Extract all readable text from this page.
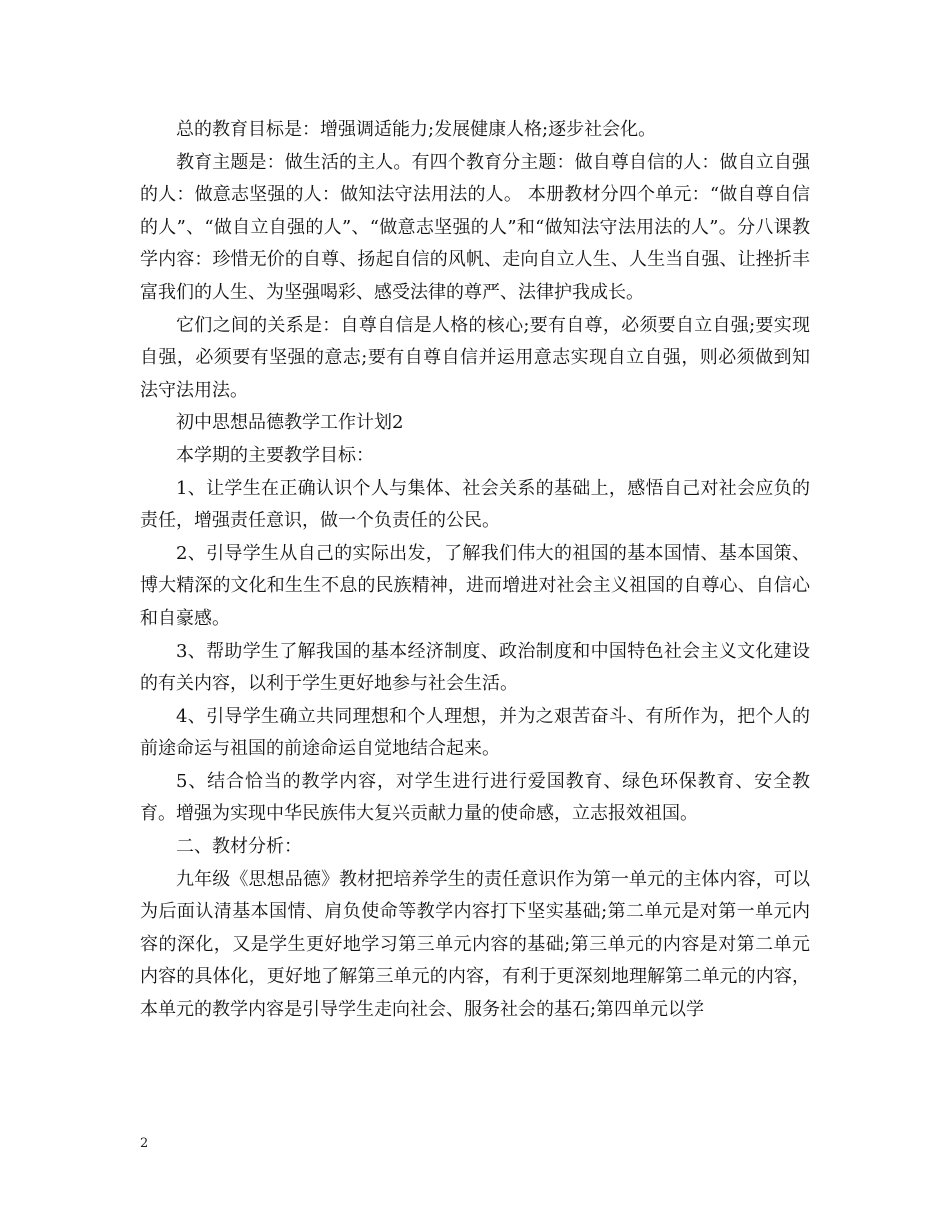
总的教育目标是：增强调适能力;发展健康人格;逐步社会化。

教育主题是：做生活的主人。有四个教育分主题：做自尊自信的人：做自立自强的人：做意志坚强的人：做知法守法用法的人。 本册教材分四个单元：“做自尊自信的人”、“做自立自强的人”、“做意志坚强的人”和“做知法守法用法的人”。分八课教学内容：珍惜无价的自尊、扬起自信的风帆、走向自立人生、人生当自强、让挫折丰富我们的人生、为坚强喝彩、感受法律的尊严、法律护我成长。

它们之间的关系是：自尊自信是人格的核心;要有自尊，必须要自立自强;要实现自强，必须要有坚强的意志;要有自尊自信并运用意志实现自立自强，则必须做到知法守法用法。

初中思想品德教学工作计划2

本学期的主要教学目标：

1、让学生在正确认识个人与集体、社会关系的基础上，感悟自己对社会应负的责任，增强责任意识，做一个负责任的公民。

2、引导学生从自己的实际出发，了解我们伟大的祖国的基本国情、基本国策、博大精深的文化和生生不息的民族精神，进而增进对社会主义祖国的自尊心、自信心和自豪感。

3、帮助学生了解我国的基本经济制度、政治制度和中国特色社会主义文化建设的有关内容，以利于学生更好地参与社会生活。

4、引导学生确立共同理想和个人理想，并为之艰苦奋斗、有所作为，把个人的前途命运与祖国的前途命运自觉地结合起来。

5、结合恰当的教学内容，对学生进行进行爱国教育、绿色环保教育、安全教育。增强为实现中华民族伟大复兴贡献力量的使命感，立志报效祖国。

二、教材分析：

九年级《思想品德》教材把培养学生的责任意识作为第一单元的主体内容，可以为后面认清基本国情、肩负使命等教学内容打下坚实基础;第二单元是对第一单元内容的深化，又是学生更好地学习第三单元内容的基础;第三单元的内容是对第二单元内容的具体化，更好地了解第三单元的内容，有利于更深刻地理解第二单元的内容，本单元的教学内容是引导学生走向社会、服务社会的基石;第四单元以学

2
